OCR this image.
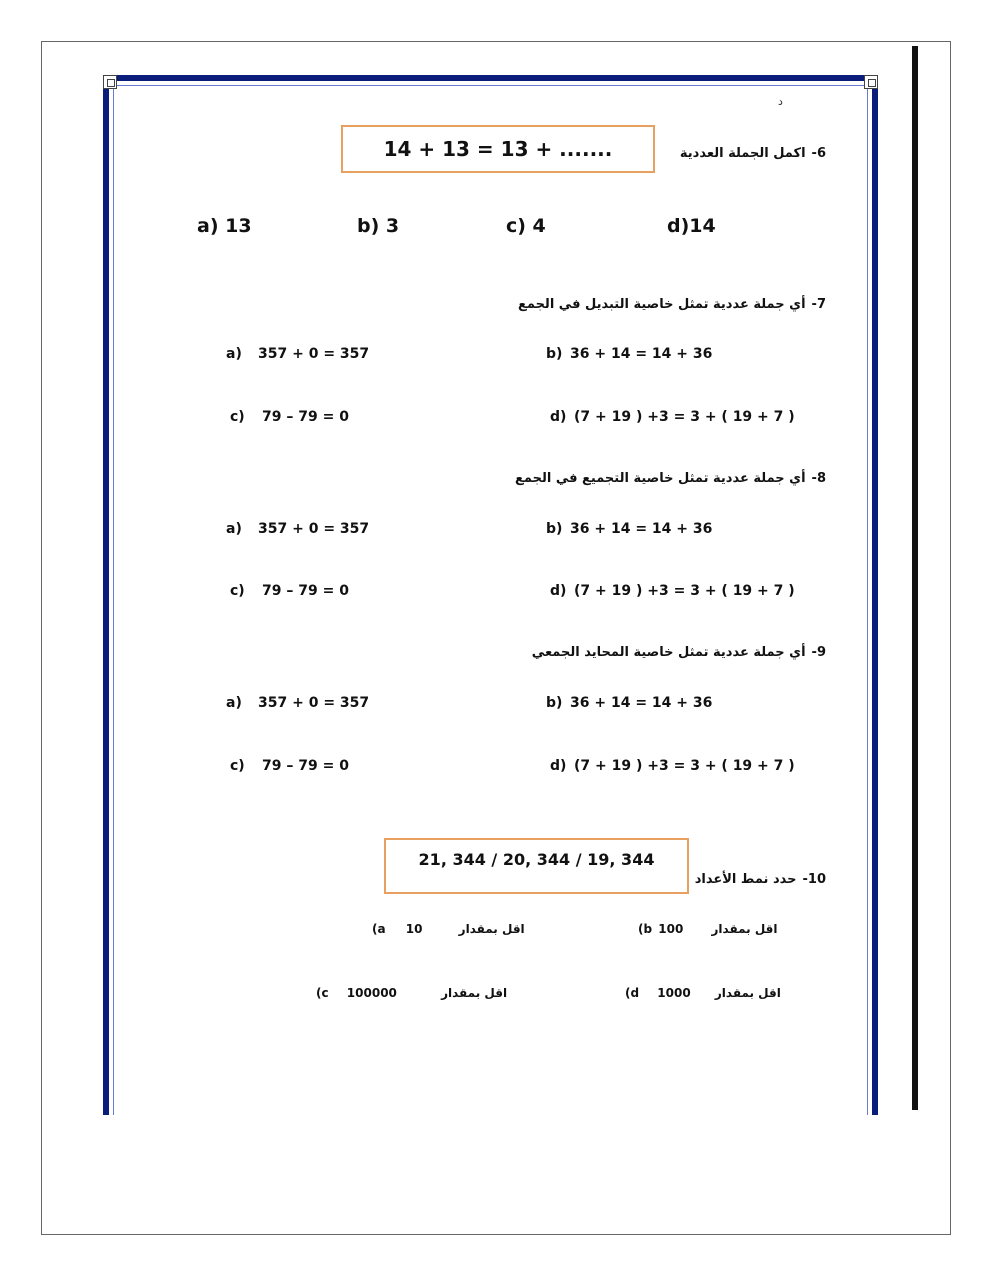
د
6-اكمل الجملة العددية
14 + 13 = 13 + .......
a) 13	b) 3	c) 4	d)14
7-أي جملة عددية تمثل خاصية التبديل في الجمع
a) 357 + 0 = 357	b) 36 + 14 = 14 + 36
c) 79 – 79 = 0	d) (7 + 19 ) +3 = 3 + ( 19 + 7 )
8-أي جملة عددية تمثل خاصية التجميع في الجمع
a) 357 + 0 = 357	b) 36 + 14 = 14 + 36
c) 79 – 79 = 0	d) (7 + 19 ) +3 = 3 + ( 19 + 7 )
9-أي جملة عددية تمثل خاصية المحايد الجمعي
a) 357 + 0 = 357	b) 36 + 14 = 14 + 36
c) 79 – 79 = 0	d) (7 + 19 ) +3 = 3 + ( 19 + 7 )
21, 344 / 20, 344 / 19, 344
10-حدد نمط الأعداد
(a 10	اقل بمقدار	(b 100 اقل بمقدار
(c 100000	اقل بمقدار	(d 1000 اقل بمقدار
